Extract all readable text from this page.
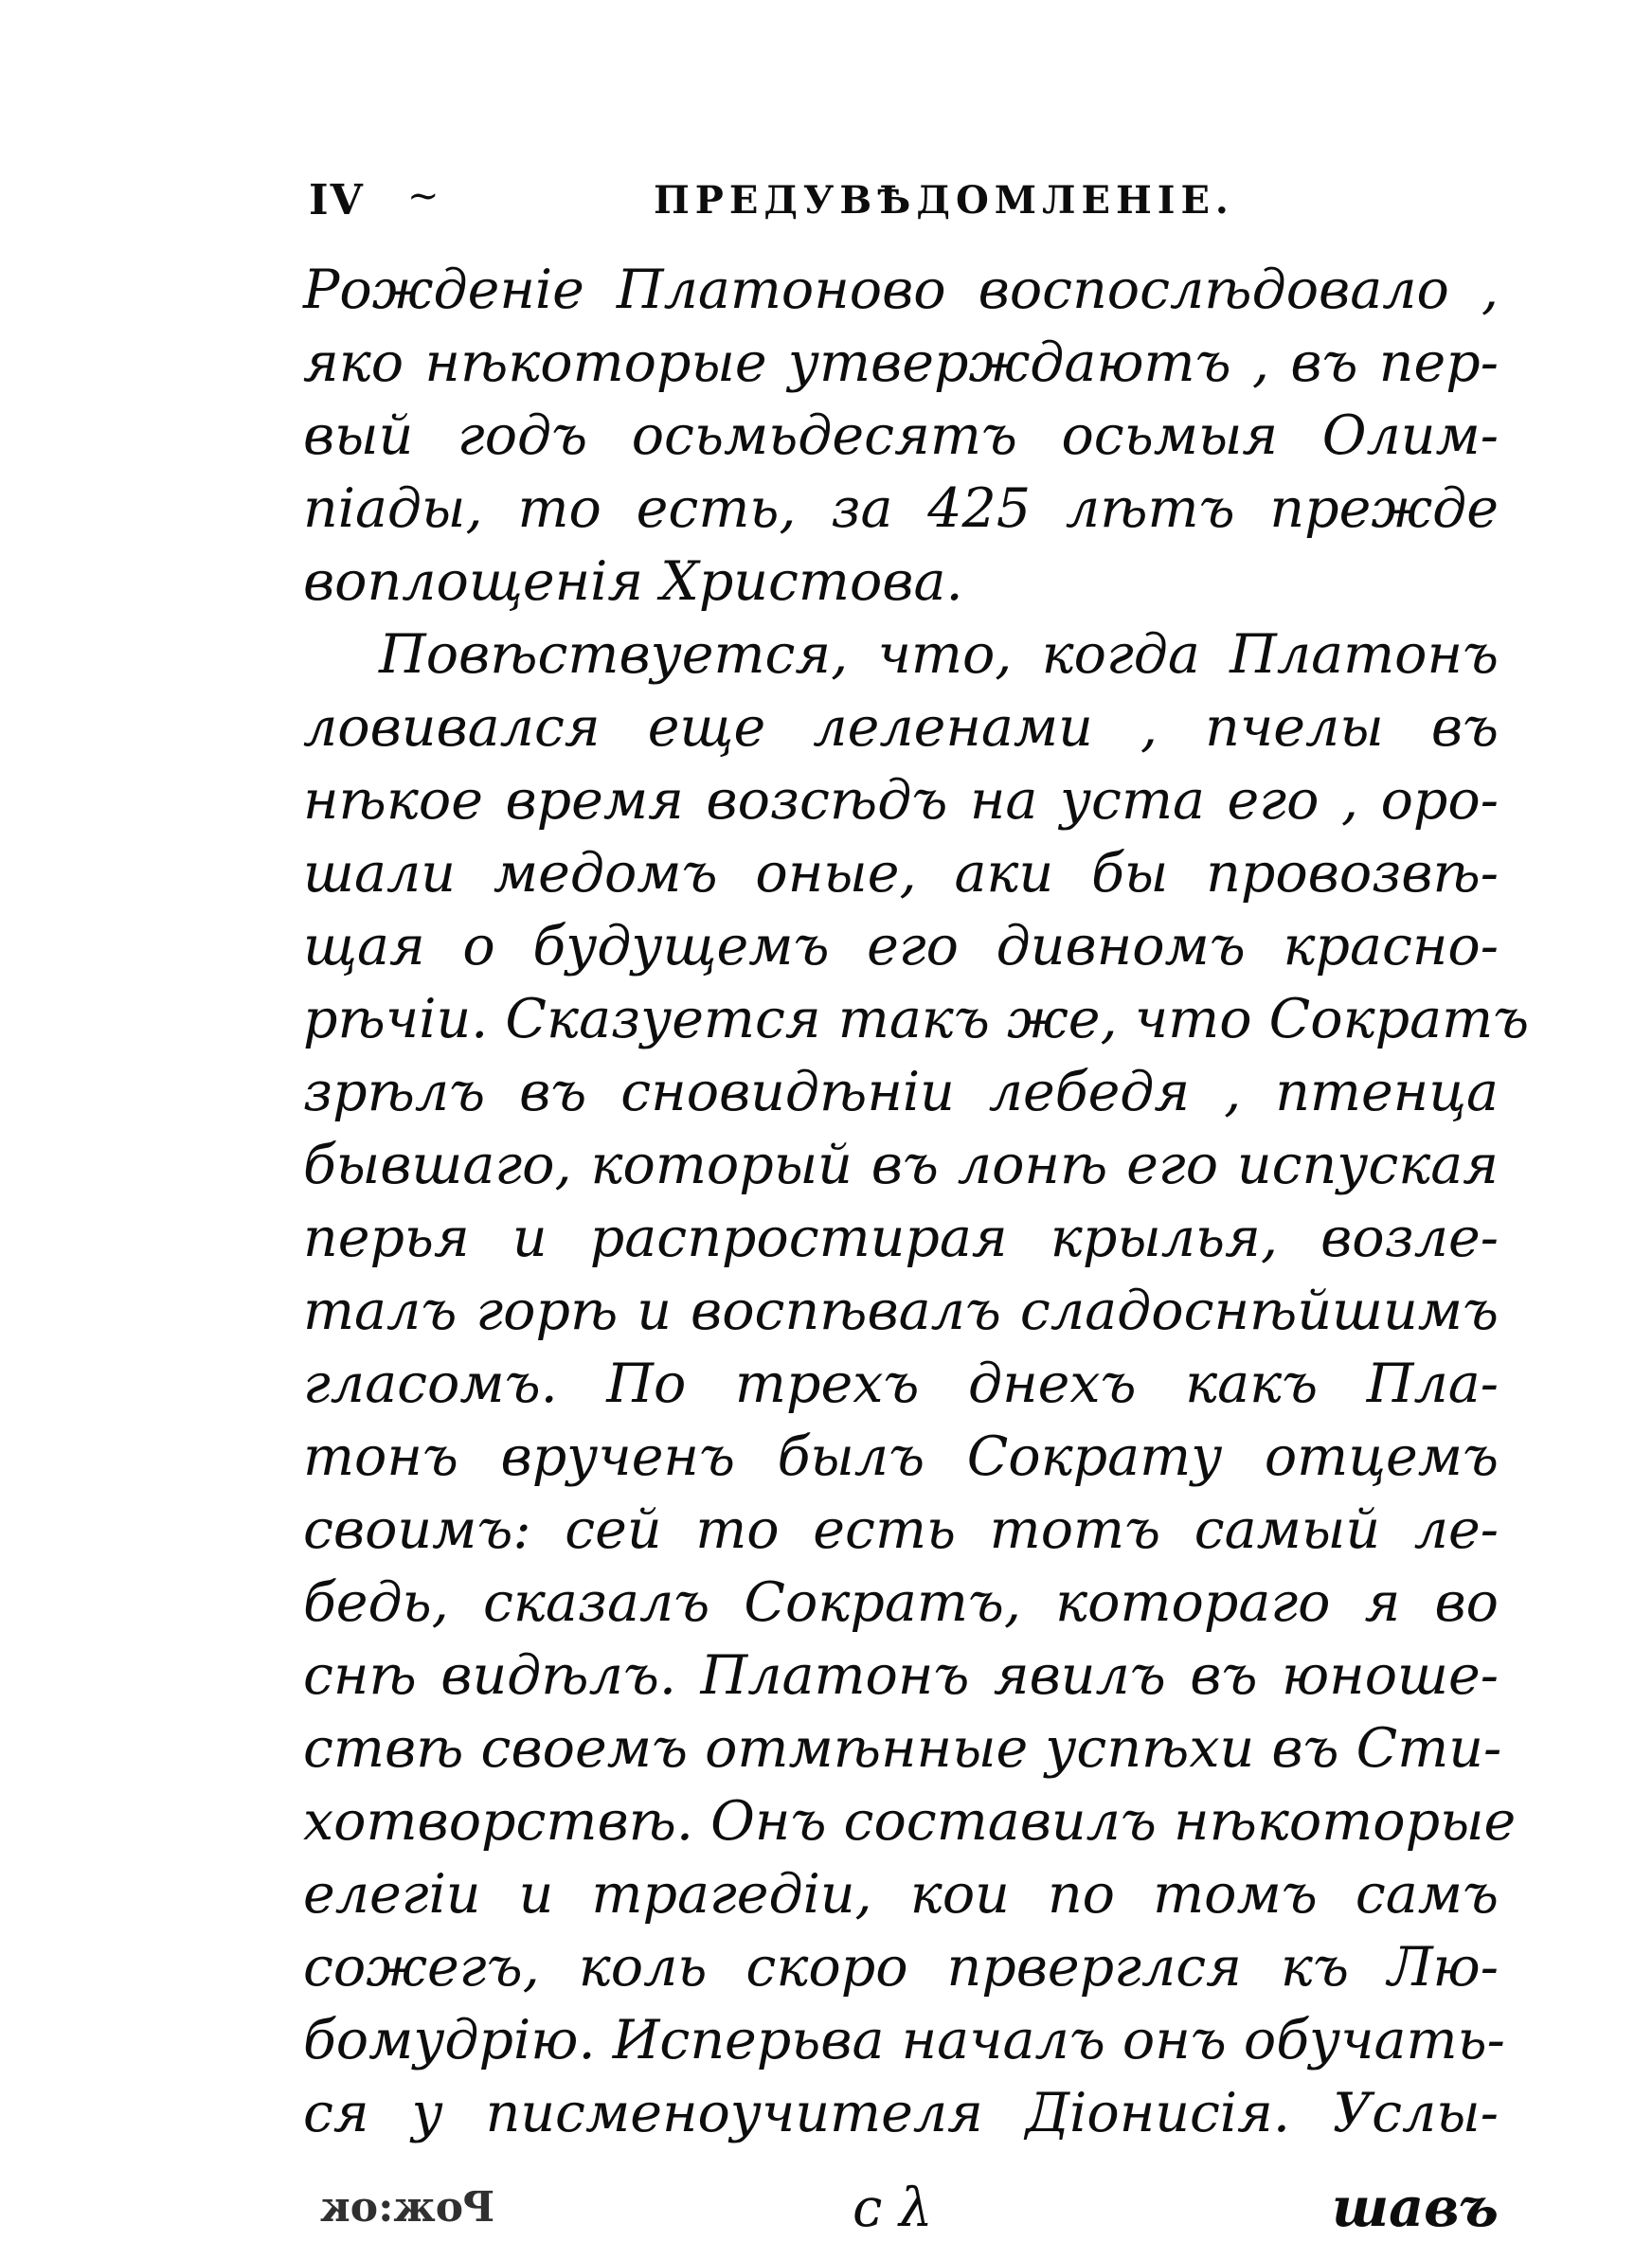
IV ~	ПРЕДУВѢДОМЛЕНІЕ.
Рожденіе Платоново воспослѣдовало ,
яко нѣкоторые утверждаютъ , въ пер-
вый годъ осьмьдесятъ осьмыя Олим-
піады, то есть, за 425 лѣтъ прежде
воплощенія Христова.
Повѣствуется, что, когда Платонъ
ловивался еще леленами , пчелы въ
нѣкое время возсѣдъ на уста его , оро-
шали медомъ оные, аки бы провозвѣ-
щая о будущемъ его дивномъ красно-
рѣчіи. Сказуется такъ же, что Сократъ
зрѣлъ въ сновидѣніи лебедя , птенца
бывшаго, который въ лонѣ его испуская
перья и распростирая крылья, возле-
талъ горѣ и воспѣвалъ сладоснѣйшимъ
гласомъ. По трехъ днехъ какъ Пла-
тонъ врученъ былъ Сократу отцемъ
своимъ: сей то есть тотъ самый ле-
бедь, сказалъ Сократъ, котораго я во
снѣ видѣлъ. Платонъ явилъ въ юноше-
ствѣ своемъ отмѣнные успѣхи въ Сти-
хотворствѣ. Онъ составилъ нѣкоторые
елегіи и трагедіи, кои по томъ самъ
сожегъ, коль скоро прверглся къ Лю-
бомудрію. Исперьва началъ онъ обучать-
ся у писменоучителя Діонисія. Услы-
Рож:ок	ᴄ λ	шавъ
